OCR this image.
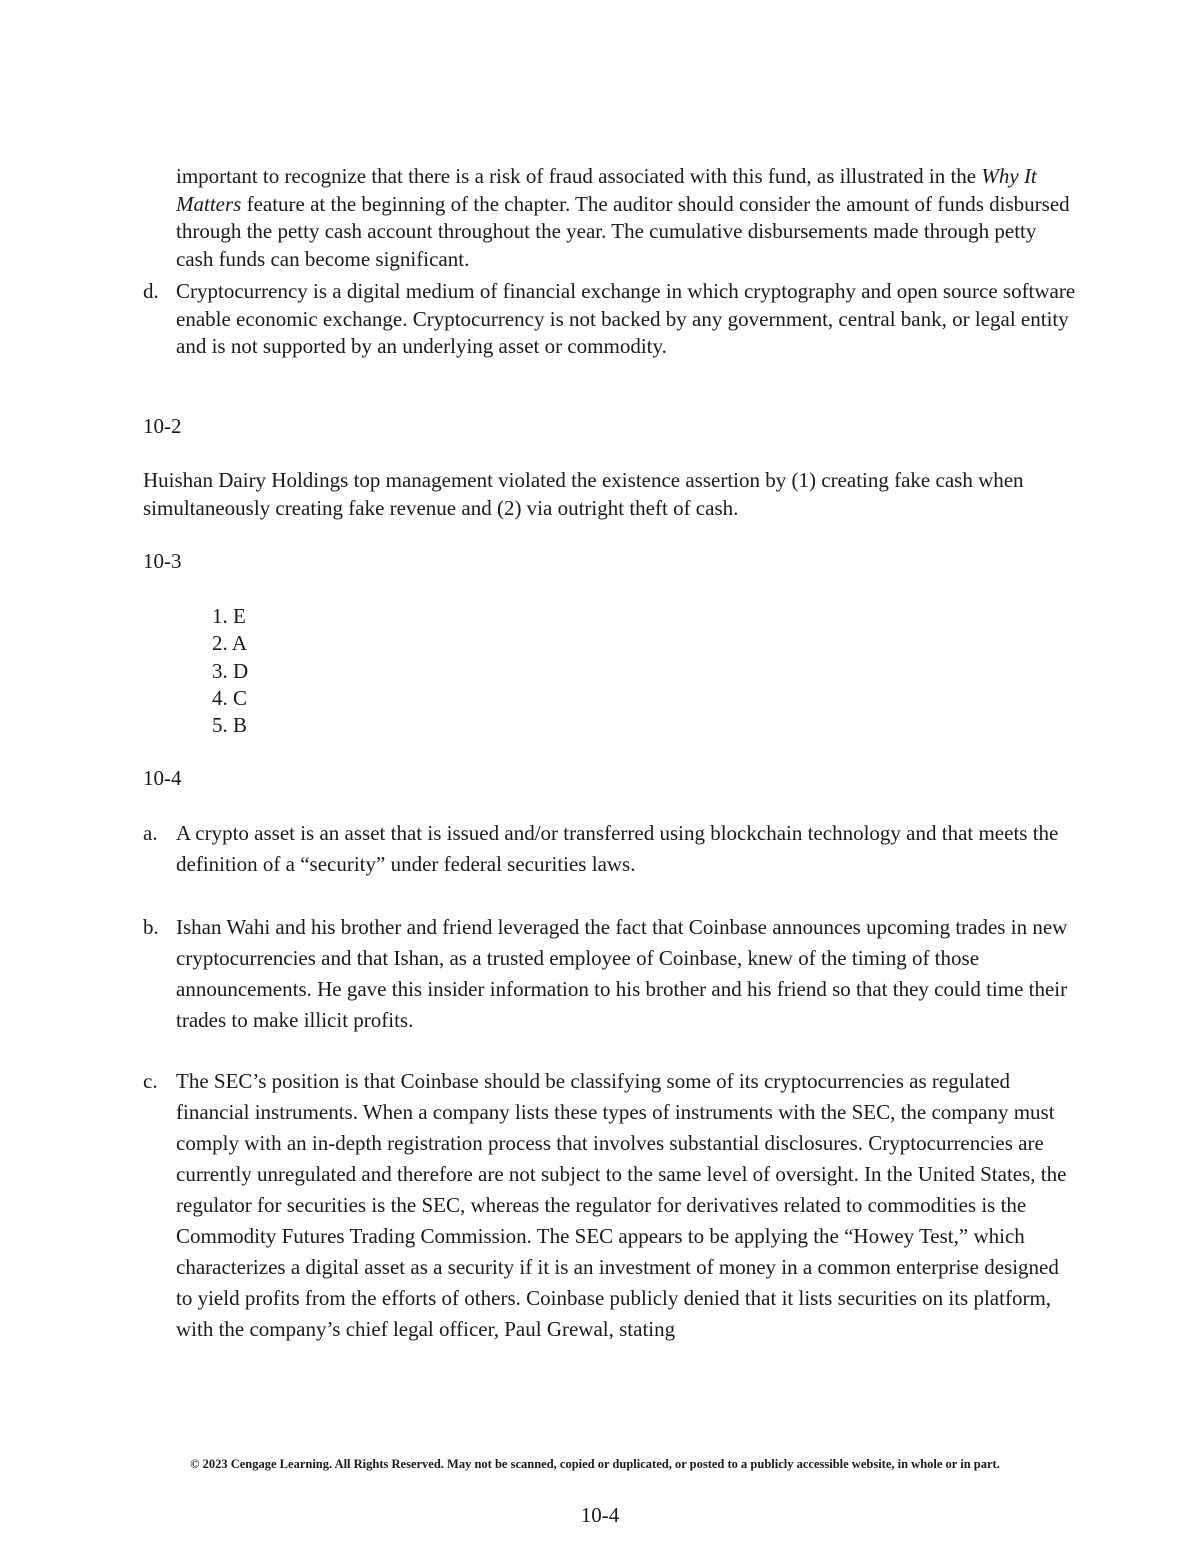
important to recognize that there is a risk of fraud associated with this fund, as illustrated in the Why It Matters feature at the beginning of the chapter. The auditor should consider the amount of funds disbursed through the petty cash account throughout the year. The cumulative disbursements made through petty cash funds can become significant.

d. Cryptocurrency is a digital medium of financial exchange in which cryptography and open source software enable economic exchange. Cryptocurrency is not backed by any government, central bank, or legal entity and is not supported by an underlying asset or commodity.

10-2

Huishan Dairy Holdings top management violated the existence assertion by (1) creating fake cash when simultaneously creating fake revenue and (2) via outright theft of cash.

10-3
1. E
2. A
3. D
4. C
5. B
10-4
a. A crypto asset is an asset that is issued and/or transferred using blockchain technology and that meets the definition of a “security” under federal securities laws.

b. Ishan Wahi and his brother and friend leveraged the fact that Coinbase announces upcoming trades in new cryptocurrencies and that Ishan, as a trusted employee of Coinbase, knew of the timing of those announcements. He gave this insider information to his brother and his friend so that they could time their trades to make illicit profits.

c. The SEC’s position is that Coinbase should be classifying some of its cryptocurrencies as regulated financial instruments. When a company lists these types of instruments with the SEC, the company must comply with an in-depth registration process that involves substantial disclosures. Cryptocurrencies are currently unregulated and therefore are not subject to the same level of oversight. In the United States, the regulator for securities is the SEC, whereas the regulator for derivatives related to commodities is the Commodity Futures Trading Commission. The SEC appears to be applying the “Howey Test,” which characterizes a digital asset as a security if it is an investment of money in a common enterprise designed to yield profits from the efforts of others. Coinbase publicly denied that it lists securities on its platform, with the company’s chief legal officer, Paul Grewal, stating

© 2023 Cengage Learning. All Rights Reserved. May not be scanned, copied or duplicated, or posted to a publicly accessible website, in whole or in part.
10-4
